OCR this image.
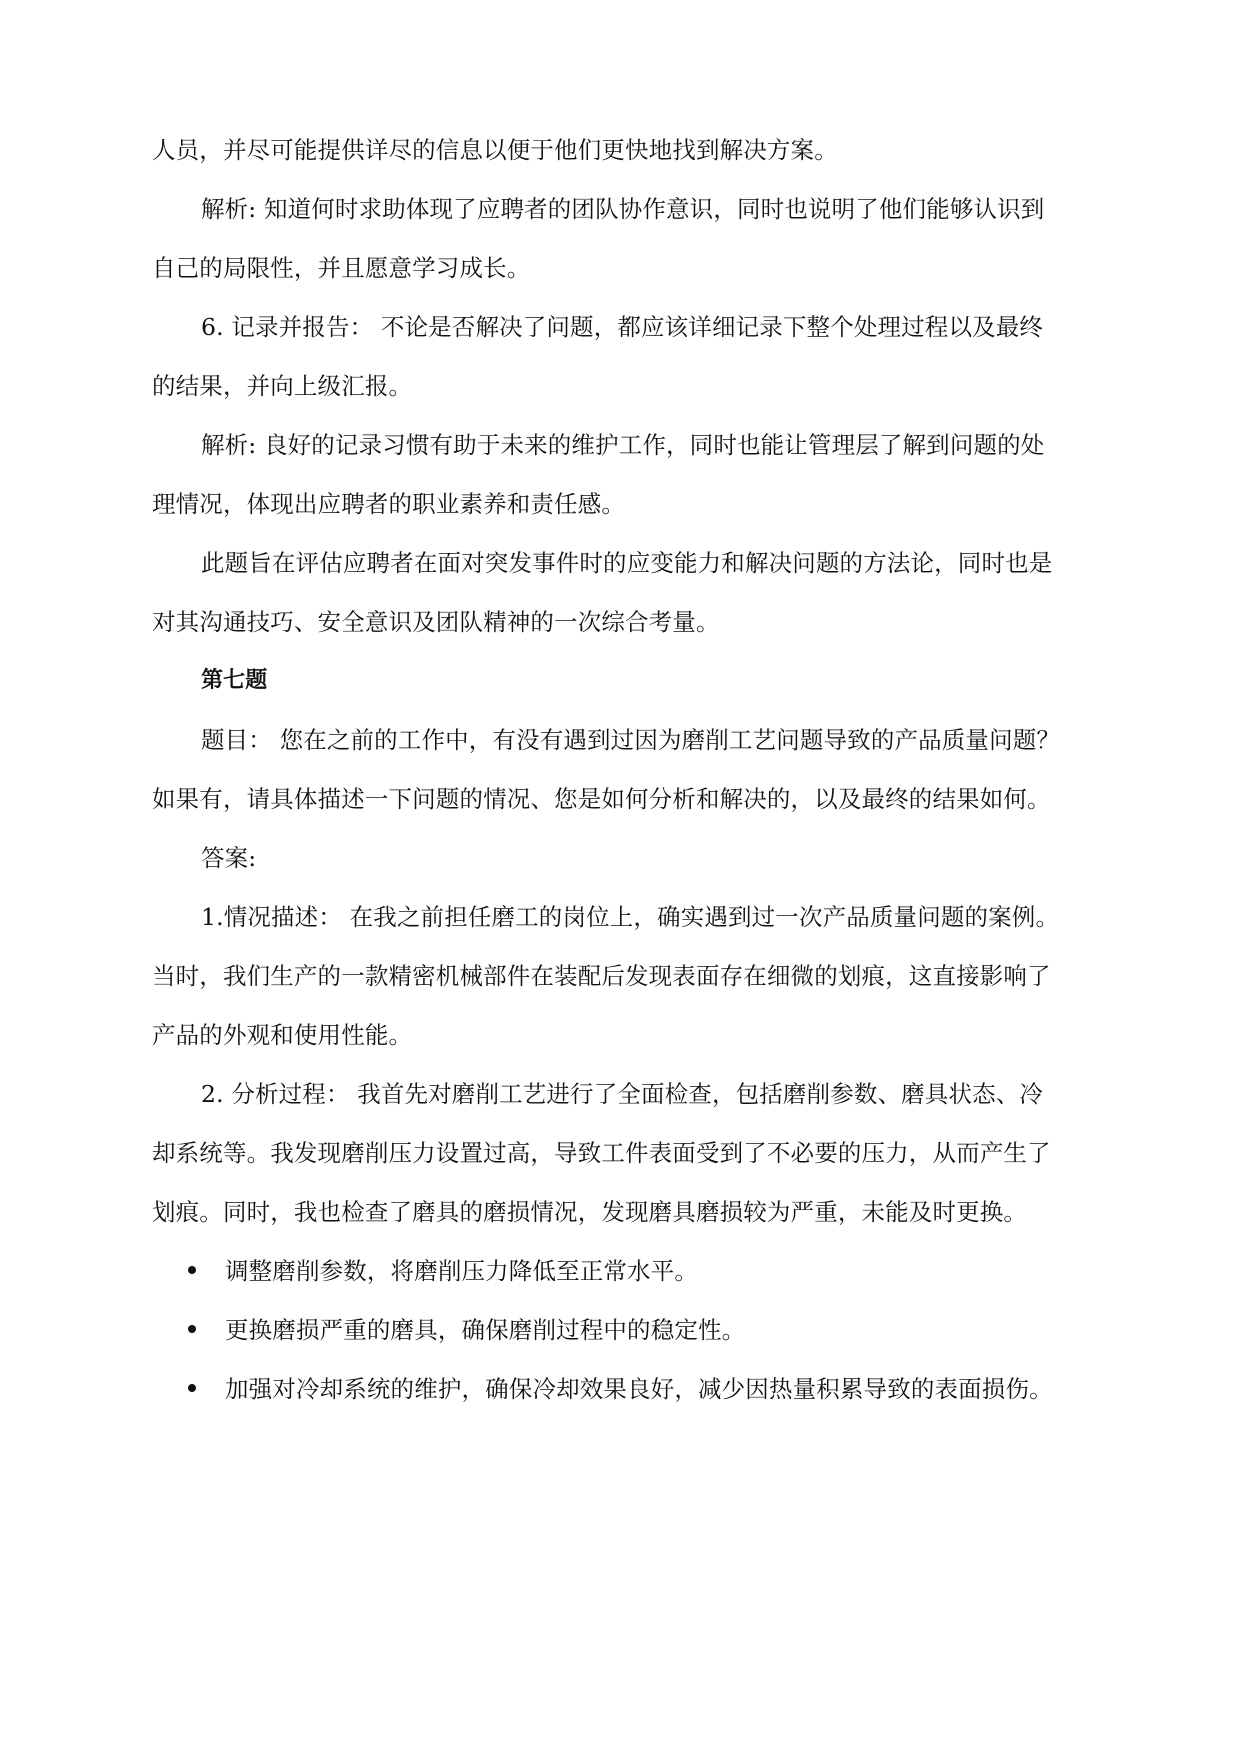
人员，并尽可能提供详尽的信息以便于他们更快地找到解决方案。
解析: 知道何时求助体现了应聘者的团队协作意识，同时也说明了他们能够认识到
自己的局限性，并且愿意学习成长。
6. 记录并报告： 不论是否解决了问题，都应该详细记录下整个处理过程以及最终
的结果，并向上级汇报。
解析: 良好的记录习惯有助于未来的维护工作，同时也能让管理层了解到问题的处
理情况，体现出应聘者的职业素养和责任感。
此题旨在评估应聘者在面对突发事件时的应变能力和解决问题的方法论，同时也是
对其沟通技巧、安全意识及团队精神的一次综合考量。
第七题
题目： 您在之前的工作中，有没有遇到过因为磨削工艺问题导致的产品质量问题？
如果有，请具体描述一下问题的情况、您是如何分析和解决的，以及最终的结果如何。
答案:
1.情况描述： 在我之前担任磨工的岗位上，确实遇到过一次产品质量问题的案例。
当时，我们生产的一款精密机械部件在装配后发现表面存在细微的划痕，这直接影响了
产品的外观和使用性能。
2. 分析过程： 我首先对磨削工艺进行了全面检查，包括磨削参数、磨具状态、冷
却系统等。我发现磨削压力设置过高，导致工件表面受到了不必要的压力，从而产生了
划痕。同时，我也检查了磨具的磨损情况，发现磨具磨损较为严重，未能及时更换。
调整磨削参数，将磨削压力降低至正常水平。
更换磨损严重的磨具，确保磨削过程中的稳定性。
加强对冷却系统的维护，确保冷却效果良好，减少因热量积累导致的表面损伤。
